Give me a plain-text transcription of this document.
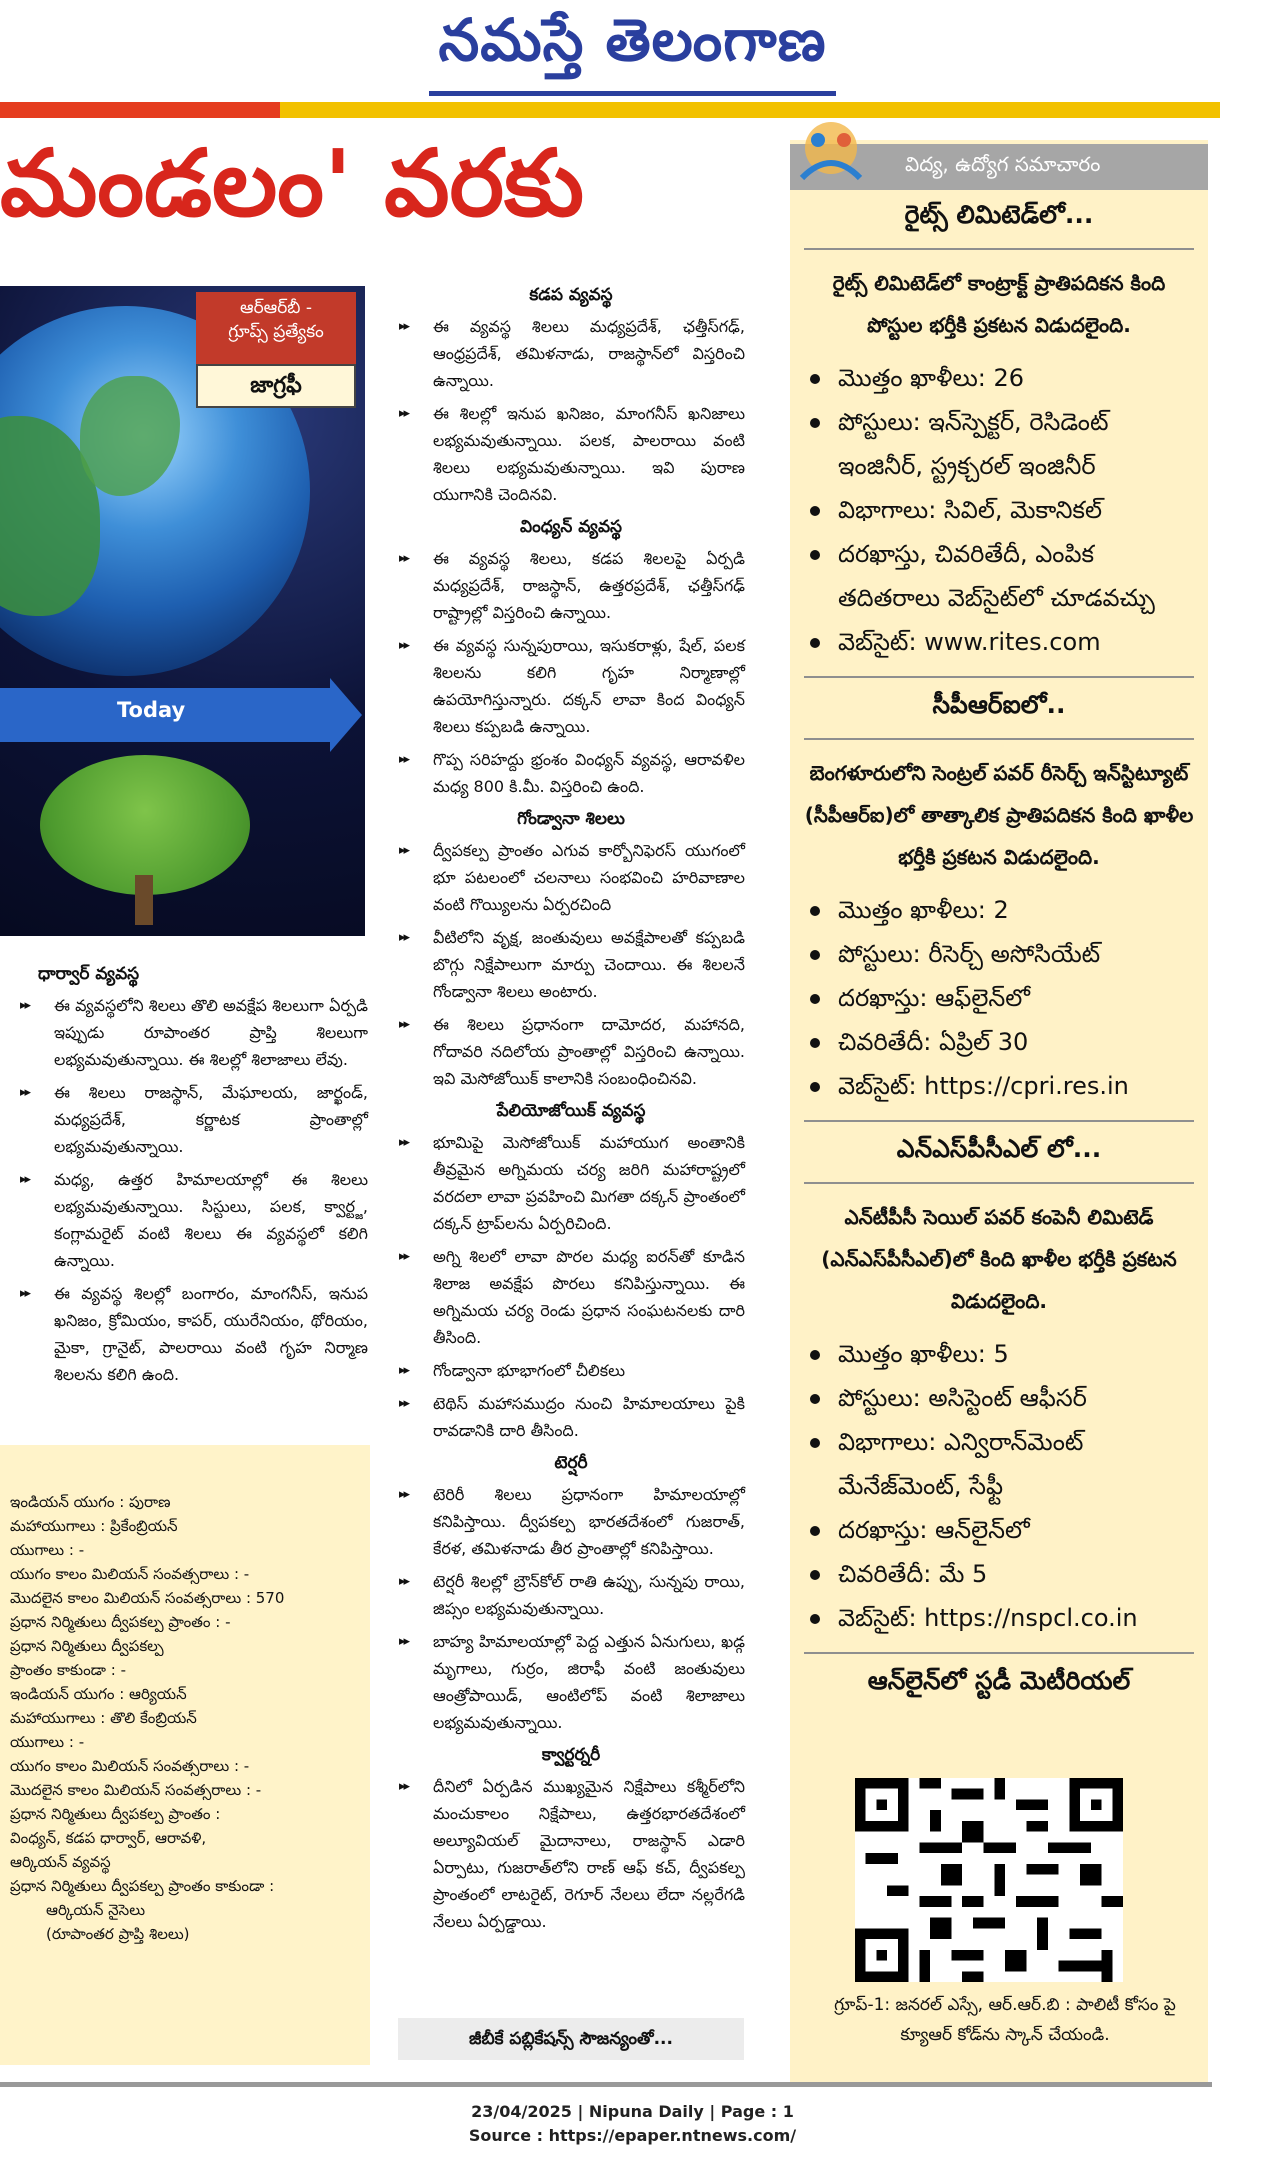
నమస్తే తెలంగాణ
మండలం' వరకు
Today
ఆర్ఆర్‌బీ -
గ్రూప్స్ ప్రత్యేకం
జాగ్రఫీ
ధార్వార్ వ్యవస్థ
▸▸ ఈ వ్యవస్థలోని శిలలు తొలి అవక్షేప శిలలుగా ఏర్పడి ఇప్పుడు రూపాంతర ప్రాప్తి శిలలుగా లభ్యమవుతున్నాయి. ఈ శిలల్లో శిలాజాలు లేవు.
▸▸ ఈ శిలలు రాజస్థాన్, మేఘాలయ, జార్ఖండ్, మధ్యప్రదేశ్, కర్ణాటక ప్రాంతాల్లో లభ్యమవుతున్నాయి.
▸▸ మధ్య, ఉత్తర హిమాలయాల్లో ఈ శిలలు లభ్యమవుతున్నాయి. సిస్టులు, పలక, క్వార్ట్జ, కంగ్లామరైట్ వంటి శిలలు ఈ వ్యవస్థలో కలిగి ఉన్నాయి.
▸▸ ఈ వ్యవస్థ శిలల్లో బంగారం, మాంగనీస్, ఇనుప ఖనిజం, క్రోమియం, కాపర్, యురేనియం, థోరియం, మైకా, గ్రానైట్, పాలరాయి వంటి గృహ నిర్మాణ శిలలను కలిగి ఉంది.
ఇండియన్ యుగం : పురాణ
మహాయుగాలు : ప్రికేంబ్రియన్
యుగాలు : -
యుగం కాలం మిలియన్ సంవత్సరాలు : -
మొదలైన కాలం మిలియన్ సంవత్సరాలు : 570
ప్రధాన నిర్మితులు ద్వీపకల్ప ప్రాంతం : -
ప్రధాన నిర్మితులు ద్వీపకల్ప
ప్రాంతం కాకుండా : -
ఇండియన్ యుగం : ఆర్యియన్
మహాయుగాలు : తొలి కేంబ్రియన్
యుగాలు : -
యుగం కాలం మిలియన్ సంవత్సరాలు : -
మొదలైన కాలం మిలియన్ సంవత్సరాలు : -
ప్రధాన నిర్మితులు ద్వీపకల్ప ప్రాంతం :
వింధ్యన్, కడప ధార్వార్, ఆరావళి,
ఆర్కియన్ వ్యవస్థ
ప్రధాన నిర్మితులు ద్వీపకల్ప ప్రాంతం కాకుండా :
ఆర్కియన్ నైసెలు
(రూపాంతర ప్రాప్తి శిలలు)
కడప వ్యవస్థ
▸▸ ఈ వ్యవస్థ శిలలు మధ్యప్రదేశ్, ఛత్తీస్‌గఢ్, ఆంధ్రప్రదేశ్, తమిళనాడు, రాజస్థాన్‌లో విస్తరించి ఉన్నాయి.
▸▸ ఈ శిలల్లో ఇనుప ఖనిజం, మాంగనీస్ ఖనిజాలు లభ్యమవుతున్నాయి. పలక, పాలరాయి వంటి శిలలు లభ్యమవుతున్నాయి. ఇవి పురాణ యుగానికి చెందినవి.
వింధ్యన్ వ్యవస్థ
▸▸ ఈ వ్యవస్థ శిలలు, కడప శిలలపై ఏర్పడి మధ్యప్రదేశ్, రాజస్థాన్, ఉత్తరప్రదేశ్, ఛత్తీస్‌గఢ్ రాష్ట్రాల్లో విస్తరించి ఉన్నాయి.
▸▸ ఈ వ్యవస్థ సున్నపురాయి, ఇసుకరాళ్లు, షేల్, పలక శిలలను కలిగి గృహ నిర్మాణాల్లో ఉపయోగిస్తున్నారు. దక్కన్ లావా కింద వింధ్యన్ శిలలు కప్పబడి ఉన్నాయి.
▸▸ గొప్ప సరిహద్దు భ్రంశం వింధ్యన్ వ్యవస్థ, ఆరావళిల మధ్య 800 కి.మీ. విస్తరించి ఉంది.
గోండ్వానా శిలలు
▸▸ ద్వీపకల్ప ప్రాంతం ఎగువ కార్బోనిఫెరస్ యుగంలో భూ పటలంలో చలనాలు సంభవించి హరివాణాల వంటి గొయ్యిలను ఏర్పరచింది
▸▸ వీటిలోని వృక్ష, జంతువులు అవక్షేపాలతో కప్పబడి బొగ్గు నిక్షేపాలుగా మార్పు చెందాయి. ఈ శిలలనే గోండ్వానా శిలలు అంటారు.
▸▸ ఈ శిలలు ప్రధానంగా దామోదర, మహానది, గోదావరి నదిలోయ ప్రాంతాల్లో విస్తరించి ఉన్నాయి. ఇవి మెసోజోయిక్ కాలానికి సంబంధించినవి.
పేలియోజోయిక్ వ్యవస్థ
▸▸ భూమిపై మెసోజోయిక్ మహాయుగ అంతానికి తీవ్రమైన అగ్నిమయ చర్య జరిగి మహారాష్ట్రలో వరదలా లావా ప్రవహించి మిగతా దక్కన్ ప్రాంతంలో దక్కన్ ట్రాప్‌లను ఏర్పరిచింది.
▸▸ అగ్ని శిలలో లావా పొరల మధ్య ఐరన్‌తో కూడిన శిలాజ అవక్షేప పొరలు కనిపిస్తున్నాయి. ఈ అగ్నిమయ చర్య రెండు ప్రధాన సంఘటనలకు దారి తీసింది.
▸▸ గోండ్వానా భూభాగంలో చీలికలు
▸▸ టెథిస్ మహాసముద్రం నుంచి హిమాలయాలు పైకి రావడానికి దారి తీసింది.
టెర్షరీ
▸▸ టెరిరీ శిలలు ప్రధానంగా హిమాలయాల్లో కనిపిస్తాయి. ద్వీపకల్ప భారతదేశంలో గుజరాత్, కేరళ, తమిళనాడు తీర ప్రాంతాల్లో కనిపిస్తాయి.
▸▸ టెర్షరీ శిలల్లో బ్రౌన్‌కోల్ రాతి ఉప్పు, సున్నపు రాయి, జిప్సం లభ్యమవుతున్నాయి.
▸▸ బాహ్య హిమాలయాల్లో పెద్ద ఎత్తున ఏనుగులు, ఖడ్గ మృగాలు, గుర్రం, జిరాఫీ వంటి జంతువులు ఆంత్రోపాయిడ్, ఆంటిలోప్ వంటి శిలాజాలు లభ్యమవుతున్నాయి.
క్వార్టర్నరీ
▸▸ దీనిలో ఏర్పడిన ముఖ్యమైన నిక్షేపాలు కశ్మీర్‌లోని మంచుకాలం నిక్షేపాలు, ఉత్తరభారతదేశంలో అల్యూవియల్ మైదానాలు, రాజస్థాన్ ఎడారి ఏర్పాటు, గుజరాత్‌లోని రాణ్ ఆఫ్ కచ్, ద్వీపకల్ప ప్రాంతంలో లాటరైట్, రెగూర్ నేలలు లేదా నల్లరేగడి నేలలు ఏర్పడ్డాయి.
జీబీకే పబ్లికేషన్స్ సౌజన్యంతో...
విద్య, ఉద్యోగ సమాచారం
రైట్స్ లిమిటెడ్‌లో...
రైట్స్ లిమిటెడ్‌లో కాంట్రాక్ట్ ప్రాతిపదికన కింది పోస్టుల భర్తీకి ప్రకటన విడుదలైంది.
మొత్తం ఖాళీలు: 26
పోస్టులు: ఇన్‌స్పెక్టర్, రెసిడెంట్ ఇంజినీర్, స్ట్రక్చరల్ ఇంజినీర్
విభాగాలు: సివిల్, మెకానికల్
దరఖాస్తు, చివరితేదీ, ఎంపిక తదితరాలు వెబ్‌సైట్‌లో చూడవచ్చు
వెబ్‌సైట్: www.rites.com
సీపీఆర్ఐలో..
బెంగళూరులోని సెంట్రల్ పవర్ రీసెర్చ్ ఇన్‌స్టిట్యూట్ (సీపీఆర్ఐ)లో తాత్కాలిక ప్రాతిపదికన కింది ఖాళీల భర్తీకి ప్రకటన విడుదలైంది.
మొత్తం ఖాళీలు: 2
పోస్టులు: రీసెర్చ్ అసోసియేట్
దరఖాస్తు: ఆఫ్‌లైన్‌లో
చివరితేదీ: ఏప్రిల్ 30
వెబ్‌సైట్: https://cpri.res.in
ఎన్ఎస్‌పీసీఎల్ లో...
ఎన్‌టీపీసీ సెయిల్ పవర్ కంపెనీ లిమిటెడ్ (ఎన్ఎస్‌పీసీఎల్)లో కింది ఖాళీల భర్తీకి ప్రకటన విడుదలైంది.
మొత్తం ఖాళీలు: 5
పోస్టులు: అసిస్టెంట్ ఆఫీసర్
విభాగాలు: ఎన్విరాన్‌మెంట్ మేనేజ్‌మెంట్, సేఫ్టీ
దరఖాస్తు: ఆన్‌లైన్‌లో
చివరితేదీ: మే 5
వెబ్‌సైట్: https://nspcl.co.in
ఆన్‌లైన్‌లో స్టడీ మెటీరియల్
గ్రూప్-1: జనరల్ ఎస్సే, ఆర్.ఆర్.బి : పాలిటీ కోసం పై క్యూఆర్ కోడ్‌ను స్కాన్ చేయండి.
23/04/2025 | Nipuna Daily | Page : 1
Source : https://epaper.ntnews.com/
